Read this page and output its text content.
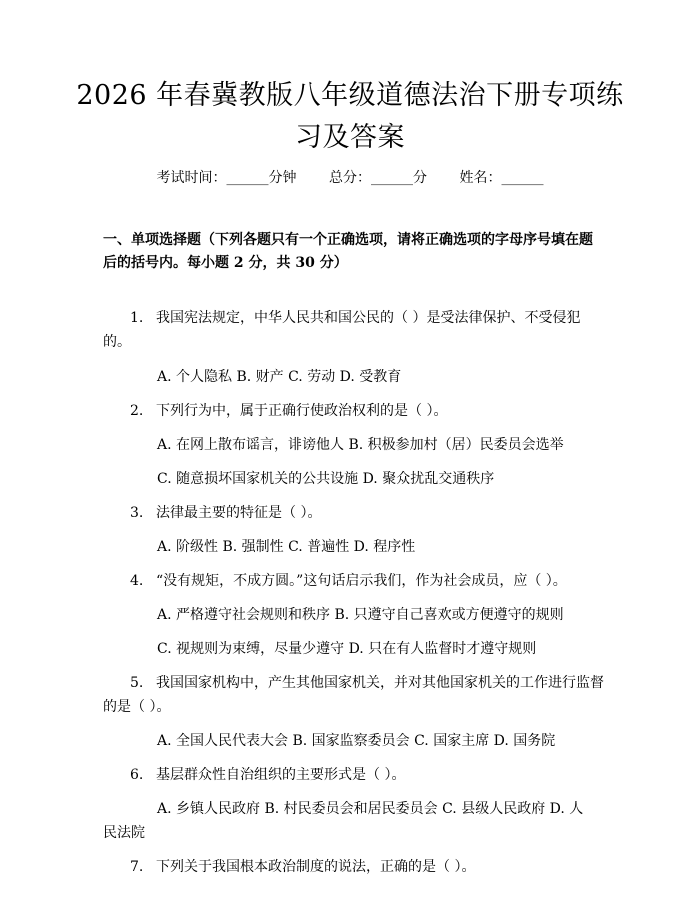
2026 年春冀教版八年级道德法治下册专项练
习及答案
考试时间：______分钟 总分：______分 姓名：______
一、单项选择题（下列各题只有一个正确选项，请将正确选项的字母序号填在题
后的括号内。每小题 2 分，共 30 分）
1. 我国宪法规定，中华人民共和国公民的（ ）是受法律保护、不受侵犯
的。
A. 个人隐私 B. 财产 C. 劳动 D. 受教育
2. 下列行为中，属于正确行使政治权利的是（ ）。
A. 在网上散布谣言，诽谤他人 B. 积极参加村（居）民委员会选举
C. 随意损坏国家机关的公共设施 D. 聚众扰乱交通秩序
3. 法律最主要的特征是（ ）。
A. 阶级性 B. 强制性 C. 普遍性 D. 程序性
4. “没有规矩，不成方圆。”这句话启示我们，作为社会成员，应（ ）。
A. 严格遵守社会规则和秩序 B. 只遵守自己喜欢或方便遵守的规则
C. 视规则为束缚，尽量少遵守 D. 只在有人监督时才遵守规则
5. 我国国家机构中，产生其他国家机关，并对其他国家机关的工作进行监督
的是（ ）。
A. 全国人民代表大会 B. 国家监察委员会 C. 国家主席 D. 国务院
6. 基层群众性自治组织的主要形式是（ ）。
A. 乡镇人民政府 B. 村民委员会和居民委员会 C. 县级人民政府 D. 人
民法院
7. 下列关于我国根本政治制度的说法，正确的是（ ）。
